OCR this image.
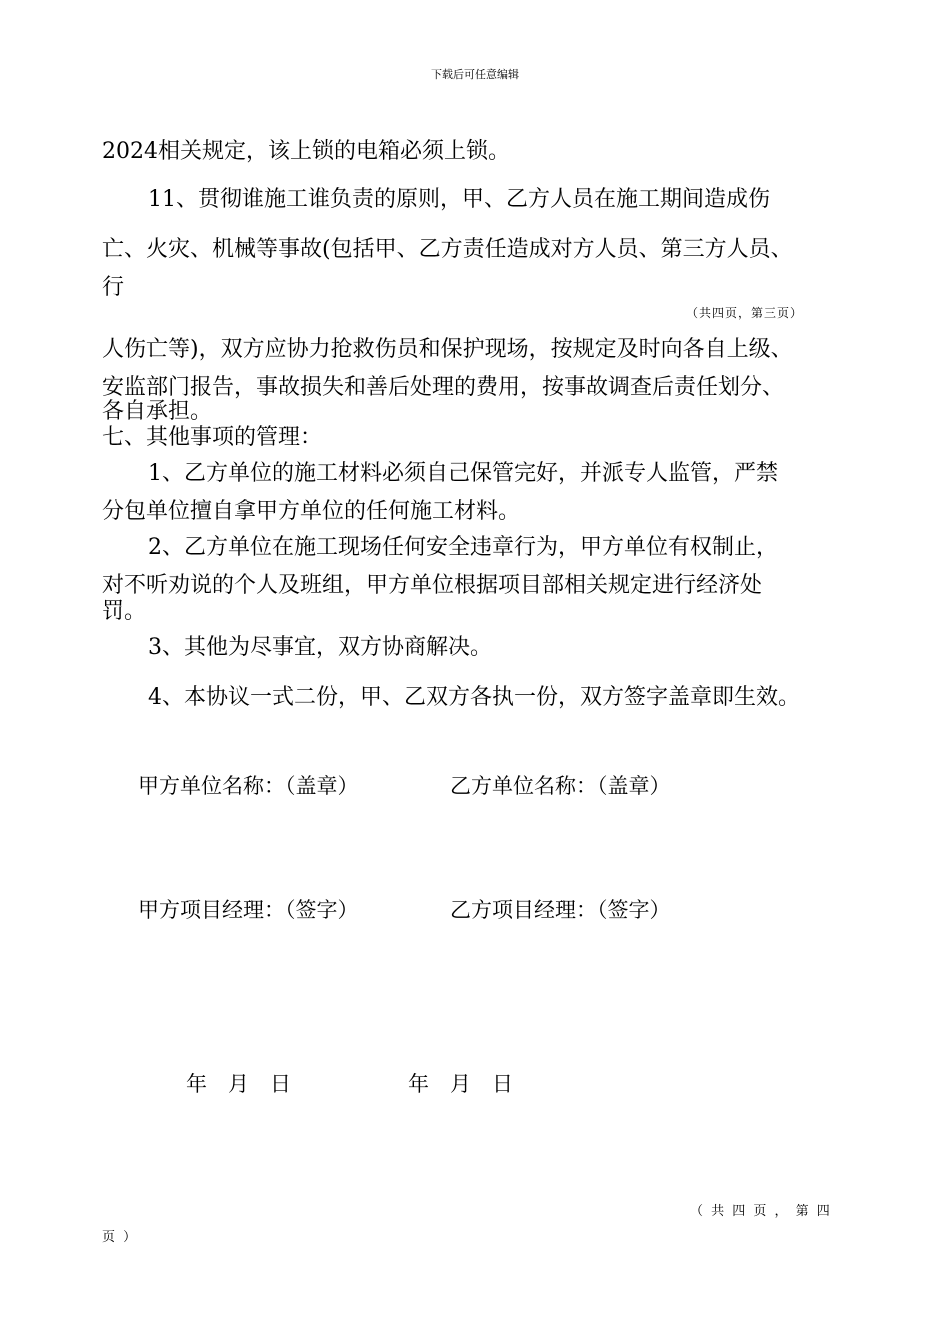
下载后可任意编辑
2024相关规定，该上锁的电箱必须上锁。
11、贯彻谁施工谁负责的原则，甲、乙方人员在施工期间造成伤
亡、火灾、机械等事故(包括甲、乙方责任造成对方人员、第三方人员、
行
（共四页，第三页）
人伤亡等)，双方应协力抢救伤员和保护现场，按规定及时向各自上级、
安监部门报告，事故损失和善后处理的费用，按事故调查后责任划分、
各自承担。
七、其他事项的管理：
1、乙方单位的施工材料必须自己保管完好，并派专人监管，严禁
分包单位擅自拿甲方单位的任何施工材料。
2、乙方单位在施工现场任何安全违章行为，甲方单位有权制止，
对不听劝说的个人及班组，甲方单位根据项目部相关规定进行经济处
罚。
3、其他为尽事宜，双方协商解决。
4、本协议一式二份，甲、乙双方各执一份，双方签字盖章即生效。
甲方单位名称：（盖章）	乙方单位名称：（盖章）
甲方项目经理：（签字）	乙方项目经理：（签字）
年　月　日	年　月　日
（ 共 四 页 ， 第 四
页 ）
